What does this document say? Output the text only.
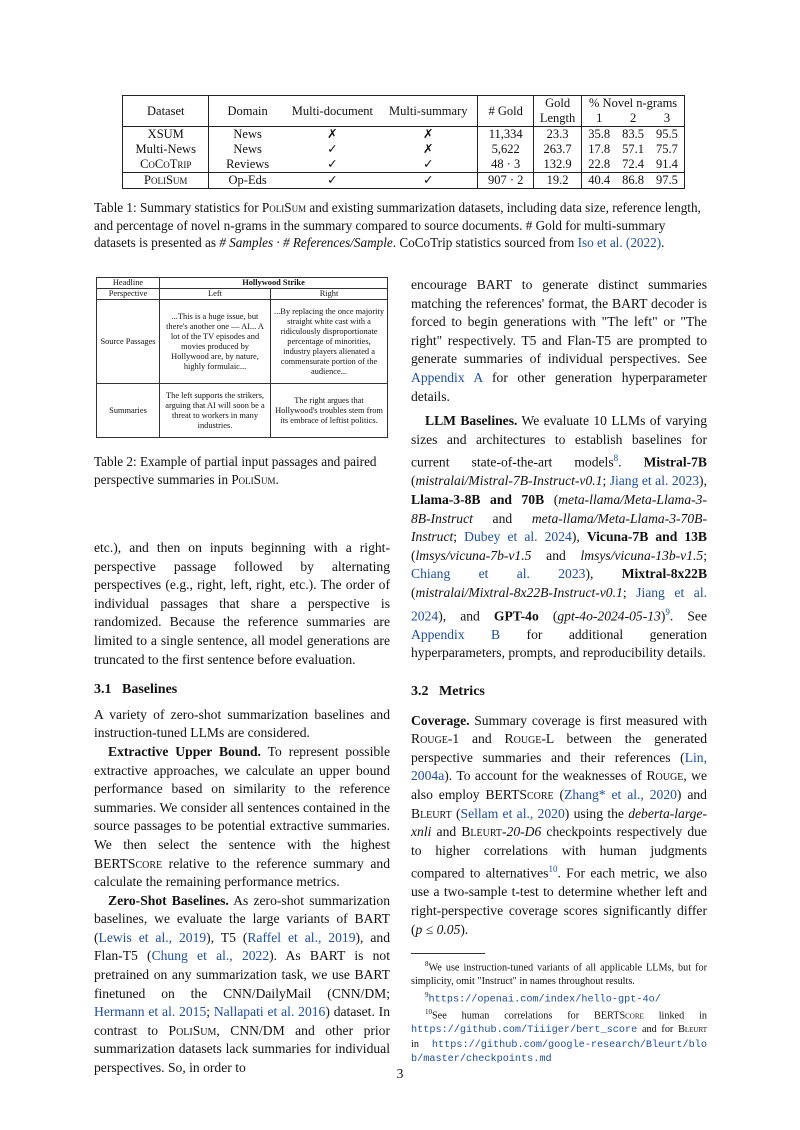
Dataset	Domain	Multi-document	Multi-summary	# Gold	Gold	% Novel n-grams		
					Length	1	2	3
XSUM	News	✗	✗	11,334	23.3	35.8	83.5	95.5
Multi-News	News	✓	✗	5,622	263.7	17.8	57.1	75.7
CoCoTrip	Reviews	✓	✓	48 · 3	132.9	22.8	72.4	91.4
PoliSum	Op-Eds	✓	✓	907 · 2	19.2	40.4	86.8	97.5

Table 1: Summary statistics for PoliSum and existing summarization datasets, including data size, reference length, and percentage of novel n-grams in the summary compared to source documents. # Gold for multi-summary datasets is presented as # Samples · # References/Sample. CoCoTrip statistics sourced from Iso et al. (2022).

Headline	Hollywood Strike	
Perspective	Left	Right
Source Passages	...This is a huge issue, but there's another one — AI... A lot of the TV episodes and movies produced by Hollywood are, by nature, highly formulaic...	...By replacing the once majority straight white cast with a ridiculously disproportionate percentage of minorities, industry players alienated a commensurate portion of the audience...
Summaries	The left supports the strikers, arguing that AI will soon be a threat to workers in many industries.	The right argues that Hollywood's troubles stem from its embrace of leftist politics.

Table 2: Example of partial input passages and paired perspective summaries in PoliSum.

etc.), and then on inputs beginning with a right-perspective passage followed by alternating perspectives (e.g., right, left, right, etc.). The order of individual passages that share a perspective is randomized. Because the reference summaries are limited to a single sentence, all model generations are truncated to the first sentence before evaluation.

3.1   Baselines

A variety of zero-shot summarization baselines and instruction-tuned LLMs are considered.

Extractive Upper Bound. To represent possible extractive approaches, we calculate an upper bound performance based on similarity to the reference summaries. We consider all sentences contained in the source passages to be potential extractive summaries. We then select the sentence with the highest BERTScore relative to the reference summary and calculate the remaining performance metrics.

Zero-Shot Baselines. As zero-shot summarization baselines, we evaluate the large variants of BART (Lewis et al., 2019), T5 (Raffel et al., 2019), and Flan-T5 (Chung et al., 2022). As BART is not pretrained on any summarization task, we use BART finetuned on the CNN/DailyMail (CNN/DM; Hermann et al. 2015; Nallapati et al. 2016) dataset. In contrast to PoliSum, CNN/DM and other prior summarization datasets lack summaries for individual perspectives. So, in order to

encourage BART to generate distinct summaries matching the references' format, the BART decoder is forced to begin generations with "The left" or "The right" respectively. T5 and Flan-T5 are prompted to generate summaries of individual perspectives. See Appendix A for other generation hyperparameter details.

LLM Baselines. We evaluate 10 LLMs of varying sizes and architectures to establish baselines for current state-of-the-art models$^8$. Mistral-7B (mistralai/Mistral-7B-Instruct-v0.1; Jiang et al. 2023), Llama-3-8B and 70B (meta-llama/Meta-Llama-3-8B-Instruct and meta-llama/Meta-Llama-3-70B-Instruct; Dubey et al. 2024), Vicuna-7B and 13B (lmsys/vicuna-7b-v1.5 and lmsys/vicuna-13b-v1.5; Chiang et al. 2023), Mixtral-8x22B (mistralai/Mixtral-8x22B-Instruct-v0.1; Jiang et al. 2024), and GPT-4o $(gpt-4o-2024-05-13)^9$. See Appendix B for additional generation hyperparameters, prompts, and reproducibility details.

3.2   Metrics

Coverage. Summary coverage is first measured with Rouge-1 and Rouge-L between the generated perspective summaries and their references (Lin, 2004a). To account for the weaknesses of Rouge, we also employ BERTScore (Zhang* et al., 2020) and Bleurt (Sellam et al., 2020) using the deberta-large-xnli and Bleurt-20-D6 checkpoints respectively due to higher correlations with human judgments compared to alternatives$^{10}$. For each metric, we also use a two-sample t-test to determine whether left and right-perspective coverage scores significantly differ (p ≤ 0.05).

$^8$We use instruction-tuned variants of all applicable LLMs, but for simplicity, omit "Instruct" in names throughout results.

$^9$https://openai.com/index/hello-gpt-4o/

$^{10}$See human correlations for BERTScore linked in https://github.com/Tiiiger/bert_score and for Bleurt in https://github.com/google-research/Bleurt/blob/master/checkpoints.md

3
